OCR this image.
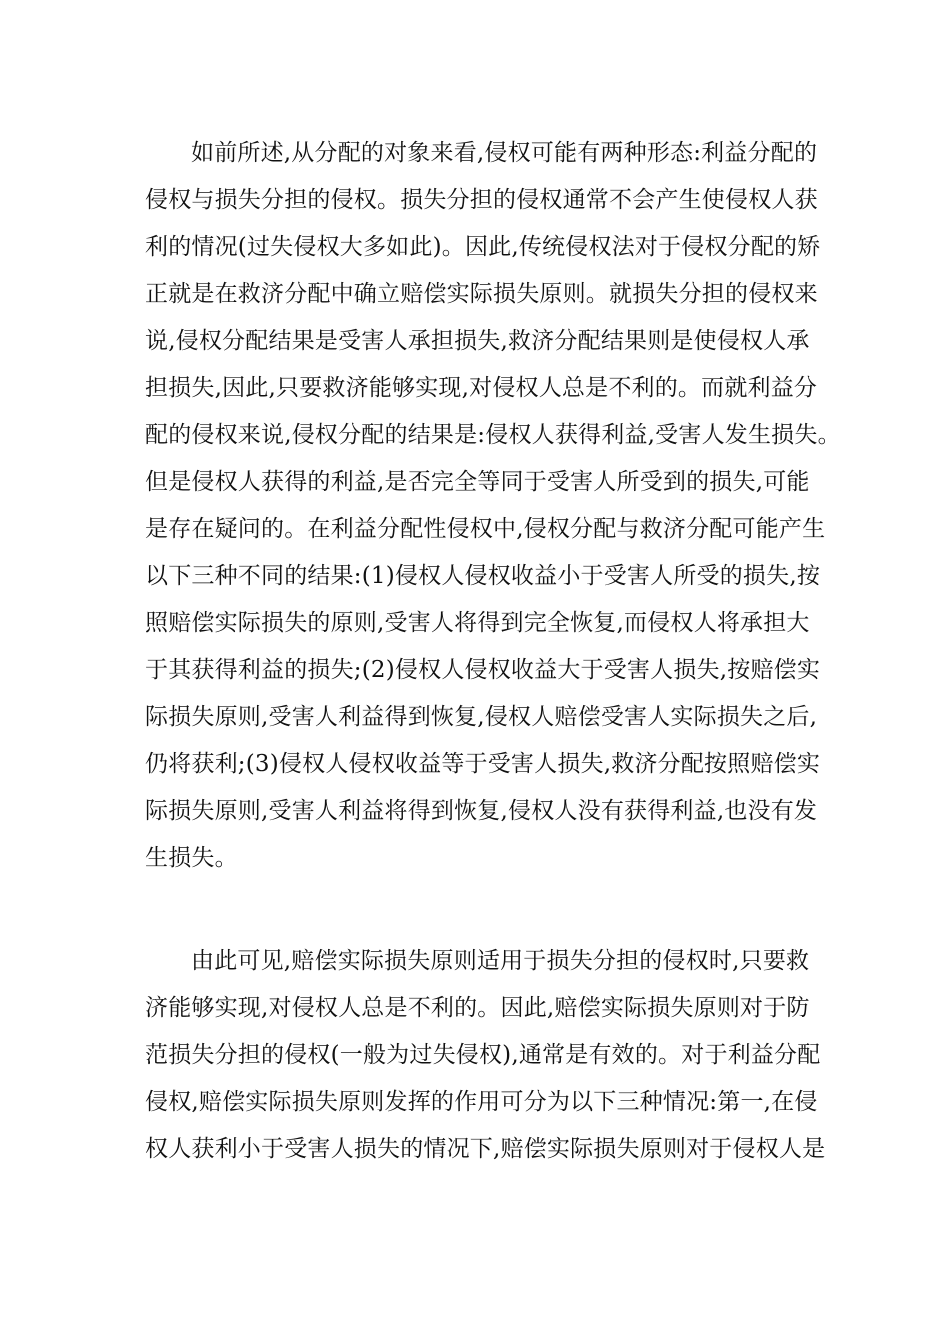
如前所述,从分配的对象来看,侵权可能有两种形态:利益分配的
侵权与损失分担的侵权。损失分担的侵权通常不会产生使侵权人获
利的情况(过失侵权大多如此)。因此,传统侵权法对于侵权分配的矫
正就是在救济分配中确立赔偿实际损失原则。就损失分担的侵权来
说,侵权分配结果是受害人承担损失,救济分配结果则是使侵权人承
担损失,因此,只要救济能够实现,对侵权人总是不利的。而就利益分
配的侵权来说,侵权分配的结果是:侵权人获得利益,受害人发生损失。
但是侵权人获得的利益,是否完全等同于受害人所受到的损失,可能
是存在疑问的。在利益分配性侵权中,侵权分配与救济分配可能产生
以下三种不同的结果:(1)侵权人侵权收益小于受害人所受的损失,按
照赔偿实际损失的原则,受害人将得到完全恢复,而侵权人将承担大
于其获得利益的损失;(2)侵权人侵权收益大于受害人损失,按赔偿实
际损失原则,受害人利益得到恢复,侵权人赔偿受害人实际损失之后,
仍将获利;(3)侵权人侵权收益等于受害人损失,救济分配按照赔偿实
际损失原则,受害人利益将得到恢复,侵权人没有获得利益,也没有发
生损失。
由此可见,赔偿实际损失原则适用于损失分担的侵权时,只要救
济能够实现,对侵权人总是不利的。因此,赔偿实际损失原则对于防
范损失分担的侵权(一般为过失侵权),通常是有效的。对于利益分配
侵权,赔偿实际损失原则发挥的作用可分为以下三种情况:第一,在侵
权人获利小于受害人损失的情况下,赔偿实际损失原则对于侵权人是
